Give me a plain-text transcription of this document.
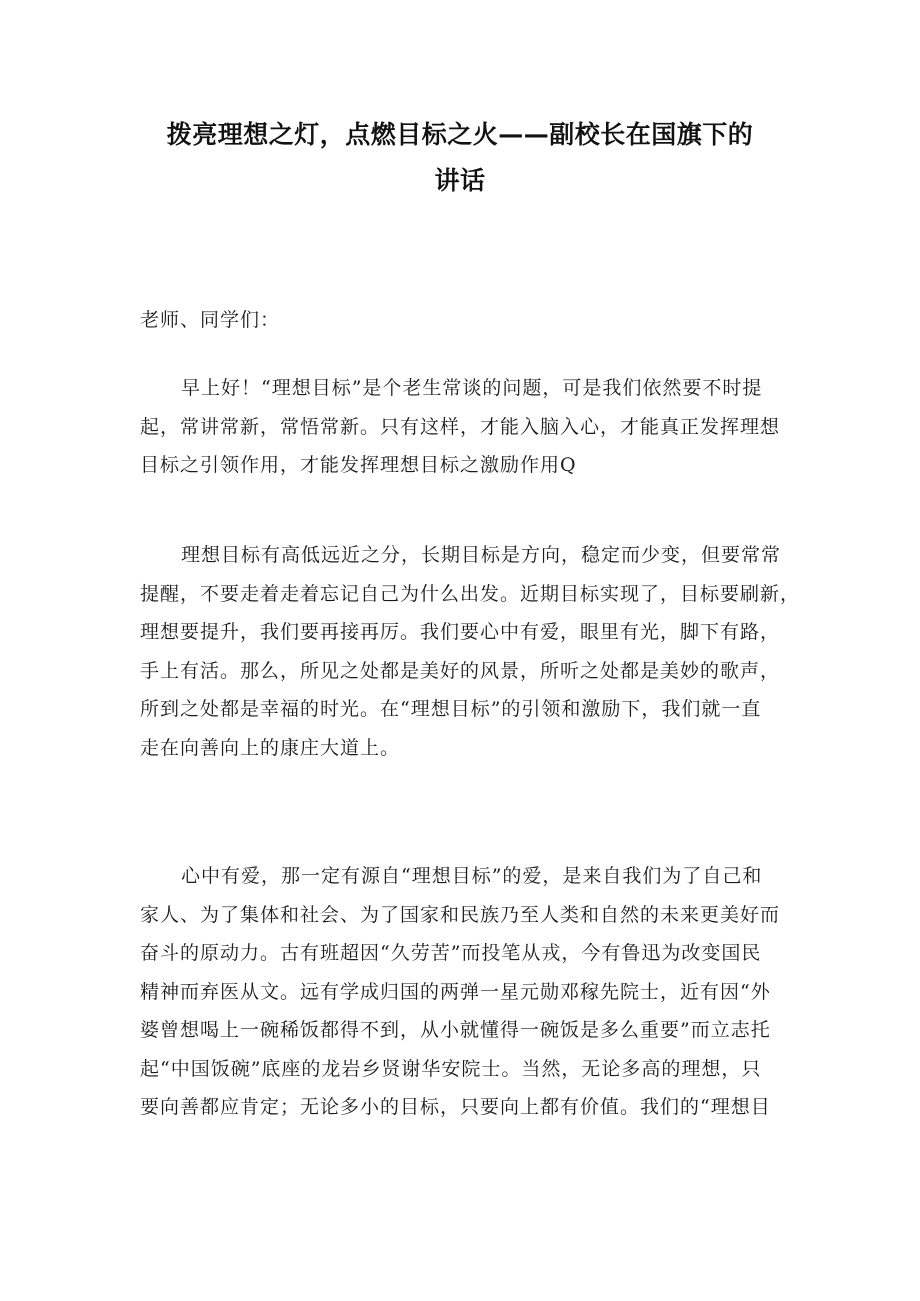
拨亮理想之灯，点燃目标之火——副校长在国旗下的
讲话
老师、同学们：
早上好！“理想目标”是个老生常谈的问题，可是我们依然要不时提
起，常讲常新，常悟常新。只有这样，才能入脑入心，才能真正发挥理想
目标之引领作用，才能发挥理想目标之激励作用Q
理想目标有高低远近之分，长期目标是方向，稳定而少变，但要常常
提醒，不要走着走着忘记自己为什么出发。近期目标实现了，目标要刷新，
理想要提升，我们要再接再厉。我们要心中有爱，眼里有光，脚下有路，
手上有活。那么，所见之处都是美好的风景，所听之处都是美妙的歌声，
所到之处都是幸福的时光。在“理想目标”的引领和激励下，我们就一直
走在向善向上的康庄大道上。
心中有爱，那一定有源自“理想目标”的爱，是来自我们为了自己和
家人、为了集体和社会、为了国家和民族乃至人类和自然的未来更美好而
奋斗的原动力。古有班超因“久劳苦”而投笔从戎，今有鲁迅为改变国民
精神而弃医从文。远有学成归国的两弹一星元勋邓稼先院士，近有因“外
婆曾想喝上一碗稀饭都得不到，从小就懂得一碗饭是多么重要”而立志托
起“中国饭碗”底座的龙岩乡贤谢华安院士。当然，无论多高的理想，只
要向善都应肯定；无论多小的目标，只要向上都有价值。我们的“理想目
